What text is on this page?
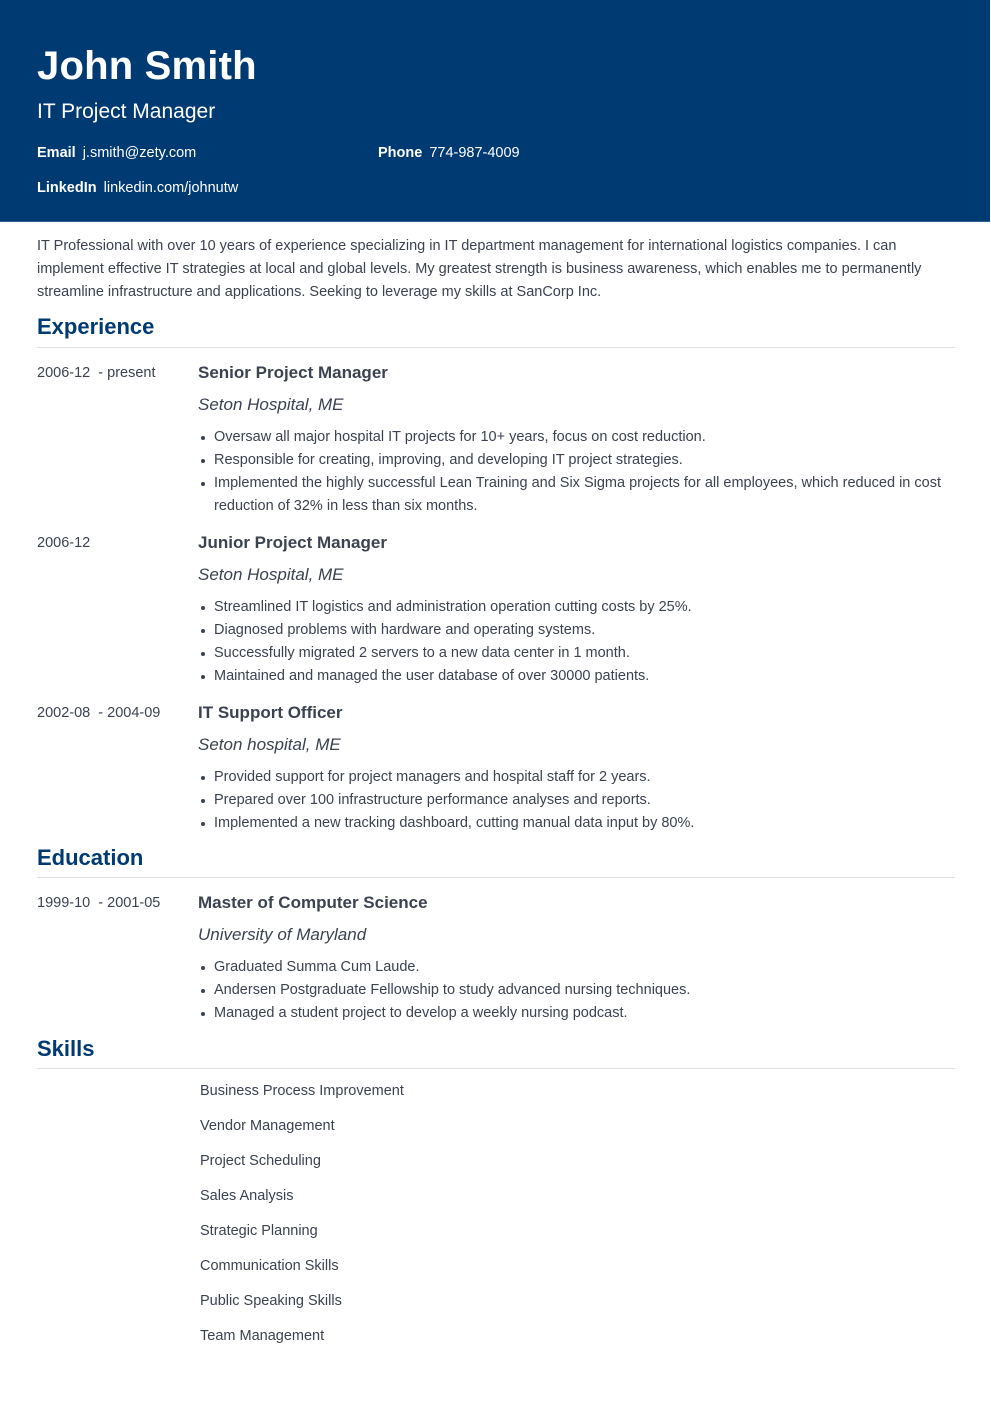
John Smith
IT Project Manager
Email j.smith@zety.com	Phone 774-987-4009
LinkedIn linkedin.com/johnutw
IT Professional with over 10 years of experience specializing in IT department management for international logistics companies. I can implement effective IT strategies at local and global levels. My greatest strength is business awareness, which enables me to permanently streamline infrastructure and applications. Seeking to leverage my skills at SanCorp Inc.
Experience
2006-12  - present	Senior Project Manager
Seton Hospital, ME
Oversaw all major hospital IT projects for 10+ years, focus on cost reduction.
Responsible for creating, improving, and developing IT project strategies.
Implemented the highly successful Lean Training and Six Sigma projects for all employees, which reduced in cost reduction of 32% in less than six months.
2006-12	Junior Project Manager
Seton Hospital, ME
Streamlined IT logistics and administration operation cutting costs by 25%.
Diagnosed problems with hardware and operating systems.
Successfully migrated 2 servers to a new data center in 1 month.
Maintained and managed the user database of over 30000 patients.
2002-08  - 2004-09 IT Support Officer
Seton hospital, ME
Provided support for project managers and hospital staff for 2 years.
Prepared over 100 infrastructure performance analyses and reports.
Implemented a new tracking dashboard, cutting manual data input by 80%.
Education
1999-10  - 2001-05 Master of Computer Science
University of Maryland
Graduated Summa Cum Laude.
Andersen Postgraduate Fellowship to study advanced nursing techniques.
Managed a student project to develop a weekly nursing podcast.
Skills
Business Process Improvement
Vendor Management
Project Scheduling
Sales Analysis
Strategic Planning
Communication Skills
Public Speaking Skills
Team Management
